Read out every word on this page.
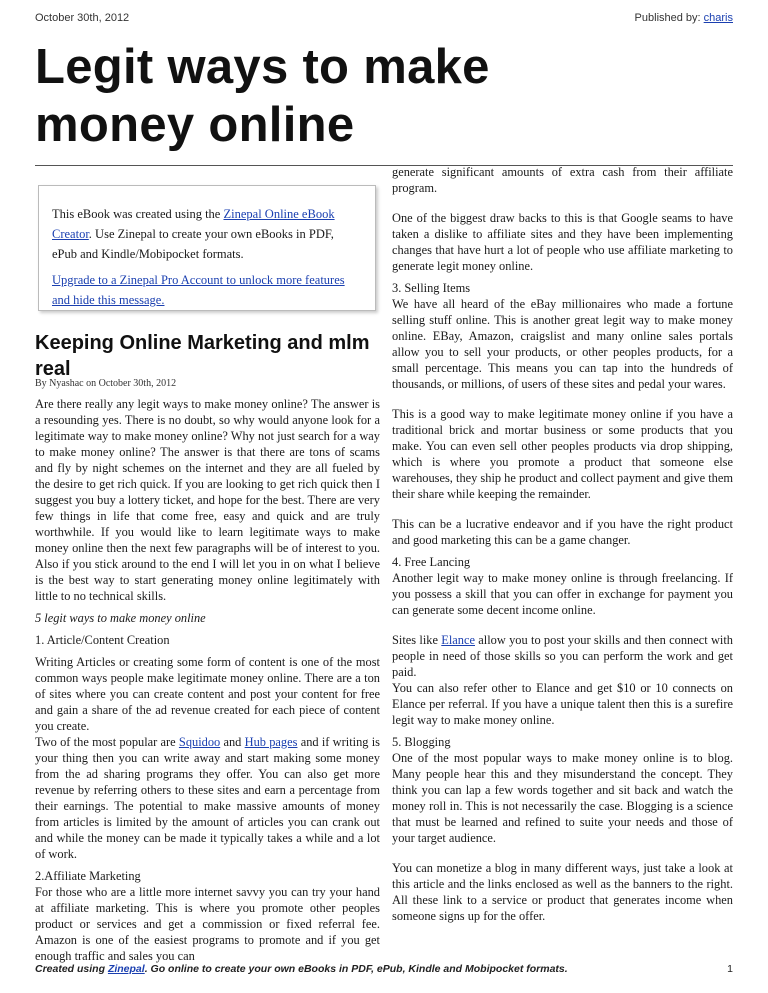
October 30th, 2012	Published by: charis
Legit ways to make
money online

This eBook was created using the Zinepal Online eBook Creator. Use Zinepal to create your own eBooks in PDF, ePub and Kindle/Mobipocket formats.

Upgrade to a Zinepal Pro Account to unlock more features and hide this message.

Keeping Online Marketing and mlm real
By Nyashac on October 30th, 2012

Are there really any legit ways to make money online? The answer is a resounding yes. There is no doubt, so why would anyone look for a legitimate way to make money online? Why not just search for a way to make money online? The answer is that there are tons of scams and fly by night schemes on the internet and they are all fueled by the desire to get rich quick. If you are looking to get rich quick then I suggest you buy a lottery ticket, and hope for the best. There are very few things in life that come free, easy and quick and are truly worthwhile. If you would like to learn legitimate ways to make money online then the next few paragraphs will be of interest to you. Also if you stick around to the end I will let you in on what I believe is the best way to start generating money online legitimately with little to no technical skills.

5 legit ways to make money online

1. Article/Content Creation

Writing Articles or creating some form of content is one of the most common ways people make legitimate money online. There are a ton of sites where you can create content and post your content for free and gain a share of the ad revenue created for each piece of content you create.

Two of the most popular are Squidoo and Hub pages and if writing is your thing then you can write away and start making some money from the ad sharing programs they offer. You can also get more revenue by referring others to these sites and earn a percentage from their earnings. The potential to make massive amounts of money from articles is limited by the amount of articles you can crank out and while the money can be made it typically takes a while and a lot of work.

2.Affiliate Marketing

For those who are a little more internet savvy you can try your hand at affiliate marketing. This is where you promote other peoples product or services and get a commission or fixed referral fee. Amazon is one of the easiest programs to promote and if you get enough traffic and sales you can

generate significant amounts of extra cash from their affiliate program.

One of the biggest draw backs to this is that Google seams to have taken a dislike to affiliate sites and they have been implementing changes that have hurt a lot of people who use affiliate marketing to generate legit money online.

3. Selling Items

We have all heard of the eBay millionaires who made a fortune selling stuff online. This is another great legit way to make money online. EBay, Amazon, craigslist and many online sales portals allow you to sell your products, or other peoples products, for a small percentage. This means you can tap into the hundreds of thousands, or millions, of users of these sites and pedal your wares.

This is a good way to make legitimate money online if you have a traditional brick and mortar business or some products that you make. You can even sell other peoples products via drop shipping, which is where you promote a product that someone else warehouses, they ship he product and collect payment and give them their share while keeping the remainder.

This can be a lucrative endeavor and if you have the right product and good marketing this can be a game changer.

4. Free Lancing

Another legit way to make money online is through freelancing. If you possess a skill that you can offer in exchange for payment you can generate some decent income online.

Sites like Elance allow you to post your skills and then connect with people in need of those skills so you can perform the work and get paid.

You can also refer other to Elance and get $10 or 10 connects on Elance per referral. If you have a unique talent then this is a surefire legit way to make money online.

5. Blogging

One of the most popular ways to make money online is to blog. Many people hear this and they misunderstand the concept. They think you can lap a few words together and sit back and watch the money roll in. This is not necessarily the case. Blogging is a science that must be learned and refined to suite your needs and those of your target audience.

You can monetize a blog in many different ways, just take a look at this article and the links enclosed as well as the banners to the right. All these link to a service or product that generates income when someone signs up for the offer.

Created using Zinepal. Go online to create your own eBooks in PDF, ePub, Kindle and Mobipocket formats.	1
